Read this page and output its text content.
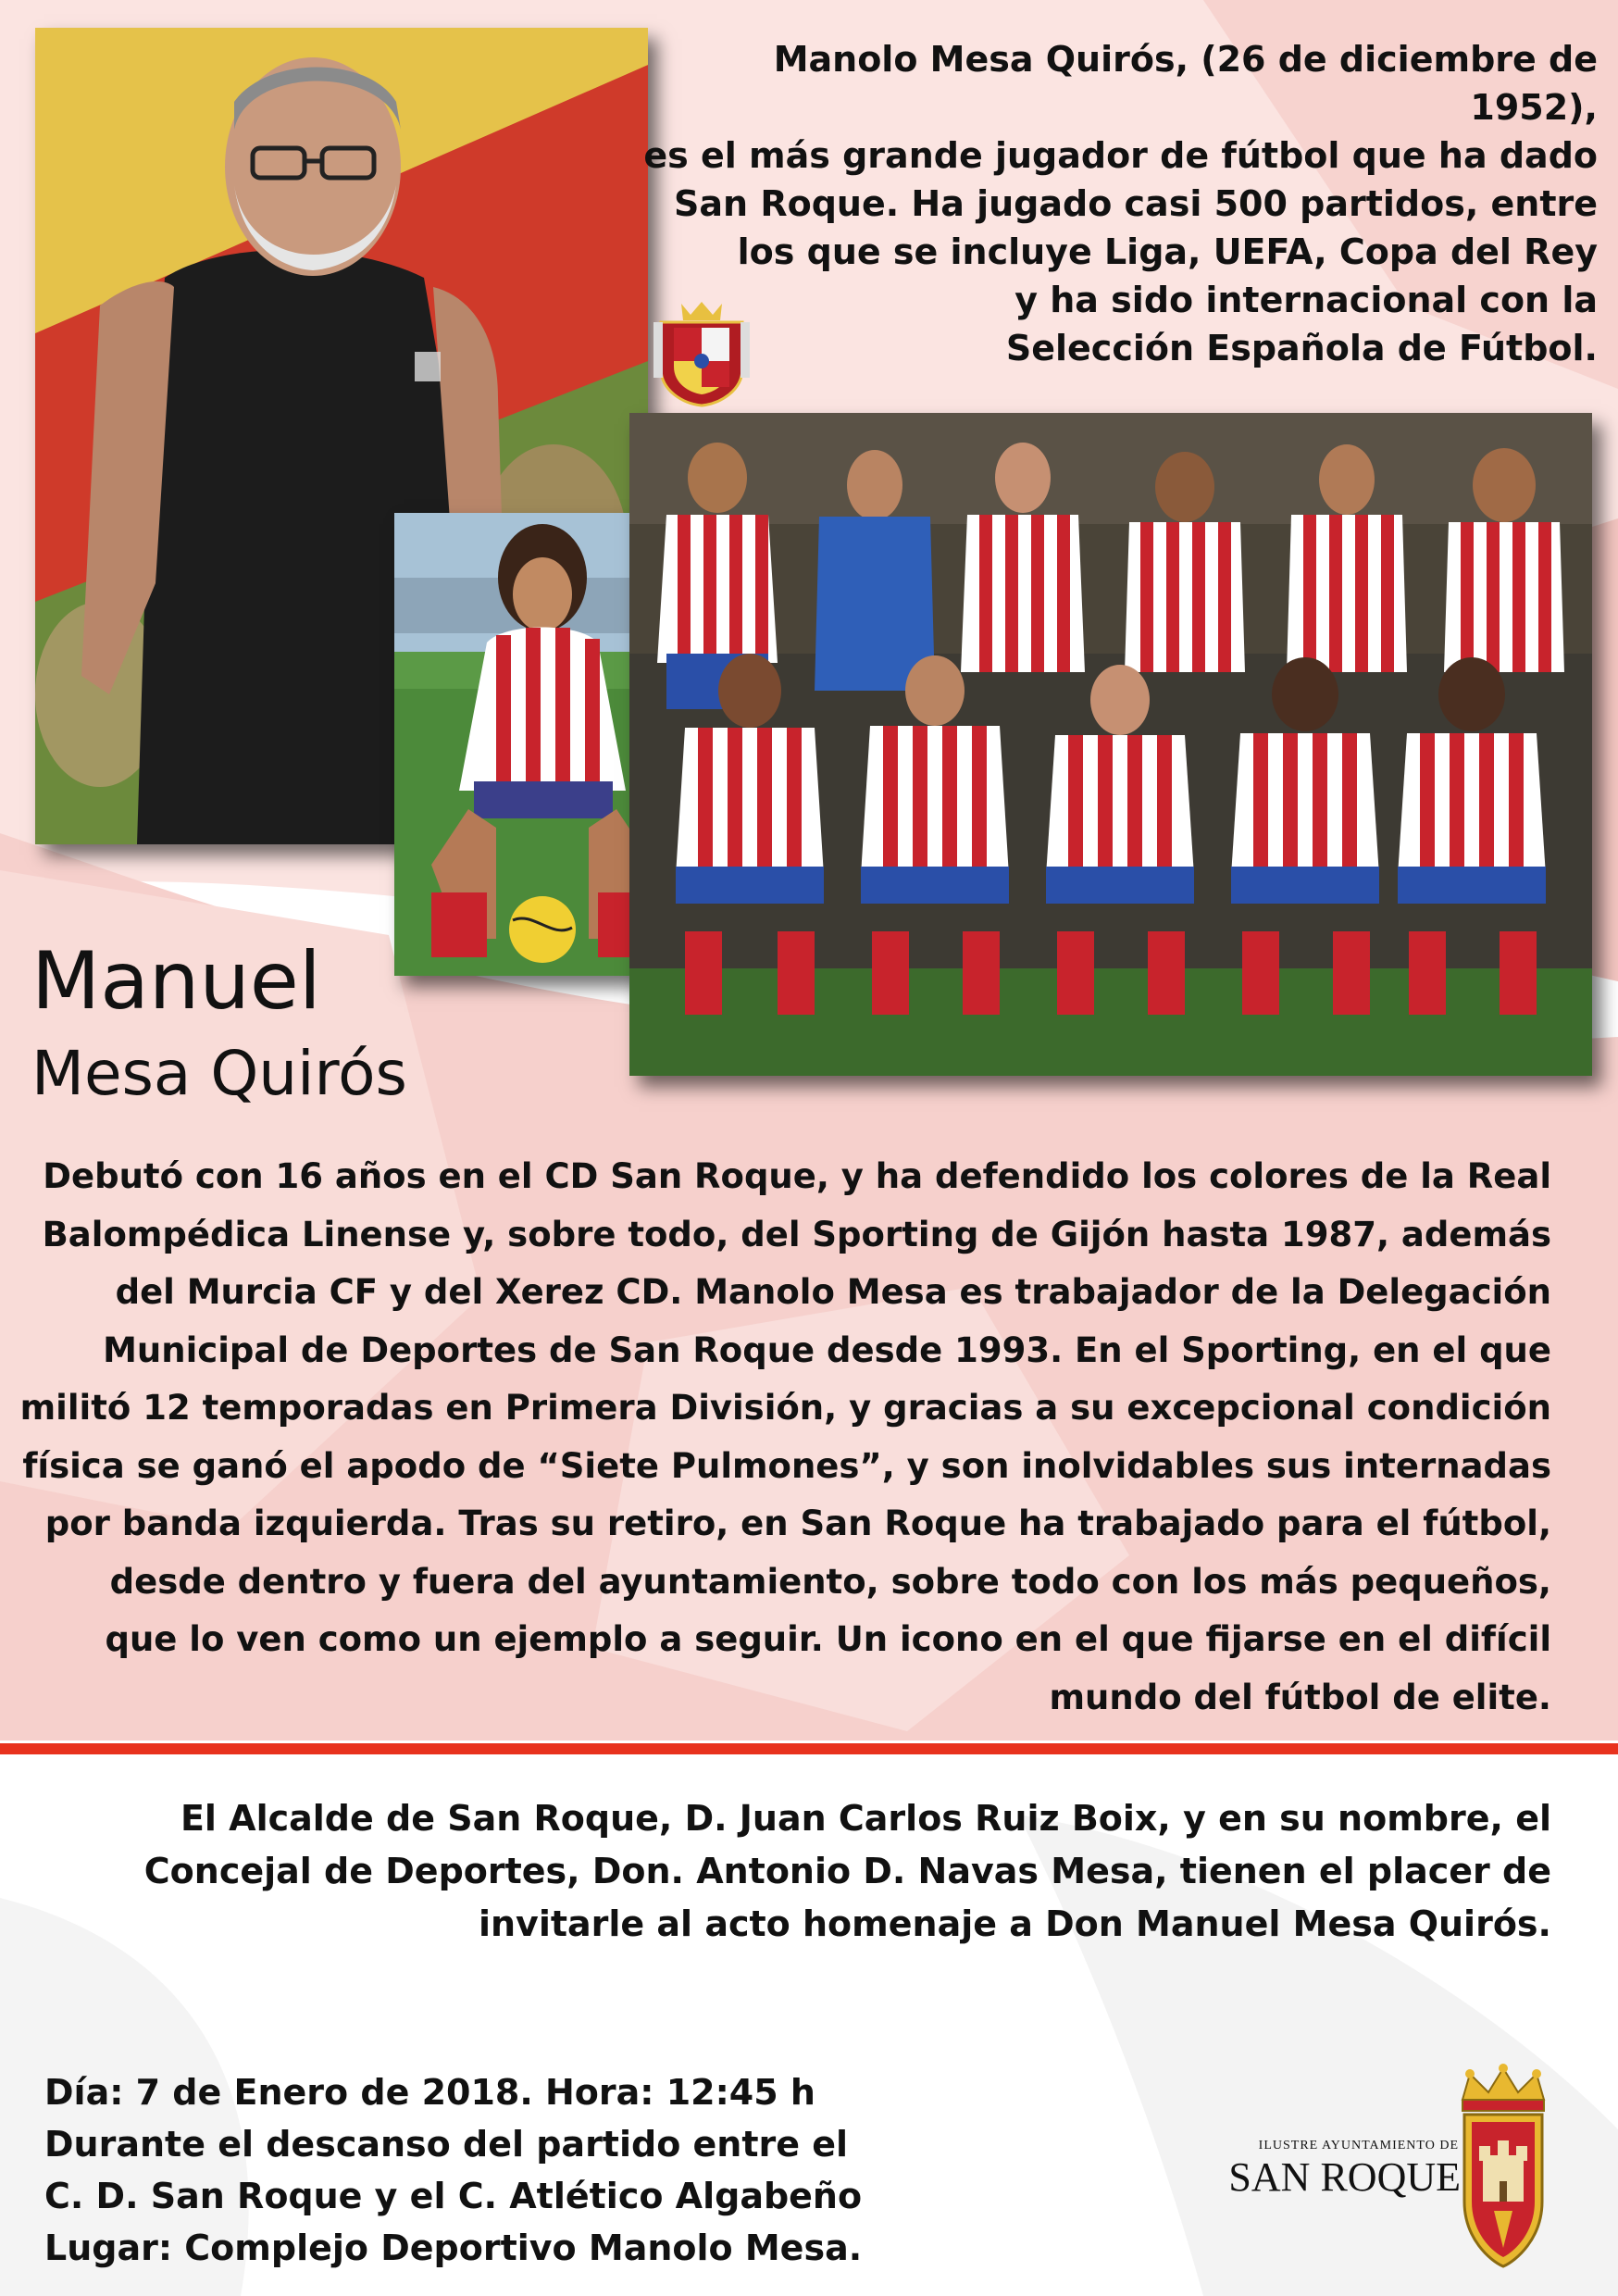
Manolo Mesa Quirós, (26 de diciembre de 1952),
es el más grande jugador de fútbol que ha dado
San Roque. Ha jugado casi 500 partidos, entre
los que se incluye Liga, UEFA, Copa del Rey
y ha sido internacional con la
Selección Española de Fútbol.
Manuel
Mesa Quirós
Debutó con 16 años en el CD San Roque, y ha defendido los colores de la Real
Balompédica Linense y, sobre todo, del Sporting de Gijón hasta 1987, además
del Murcia CF y del Xerez CD. Manolo Mesa es trabajador de la Delegación
Municipal de Deportes de San Roque desde 1993. En el Sporting, en el que
militó 12 temporadas en Primera División, y gracias a su excepcional condición
física se ganó el apodo de “Siete Pulmones”, y son inolvidables sus internadas
por banda izquierda. Tras su retiro, en San Roque ha trabajado para el fútbol,
desde dentro y fuera del ayuntamiento, sobre todo con los más pequeños,
que lo ven como un ejemplo a seguir. Un icono en el que fijarse en el difícil
mundo del fútbol de elite.
El Alcalde de San Roque, D. Juan Carlos Ruiz Boix, y en su nombre, el
Concejal de Deportes, Don. Antonio D. Navas Mesa, tienen el placer de
invitarle al acto homenaje a Don Manuel Mesa Quirós.
Día: 7 de Enero de 2018. Hora: 12:45 h
Durante el descanso del partido entre el
C. D. San Roque y el C. Atlético Algabeño
Lugar: Complejo Deportivo Manolo Mesa.
ILUSTRE AYUNTAMIENTO DE
SAN ROQUE
